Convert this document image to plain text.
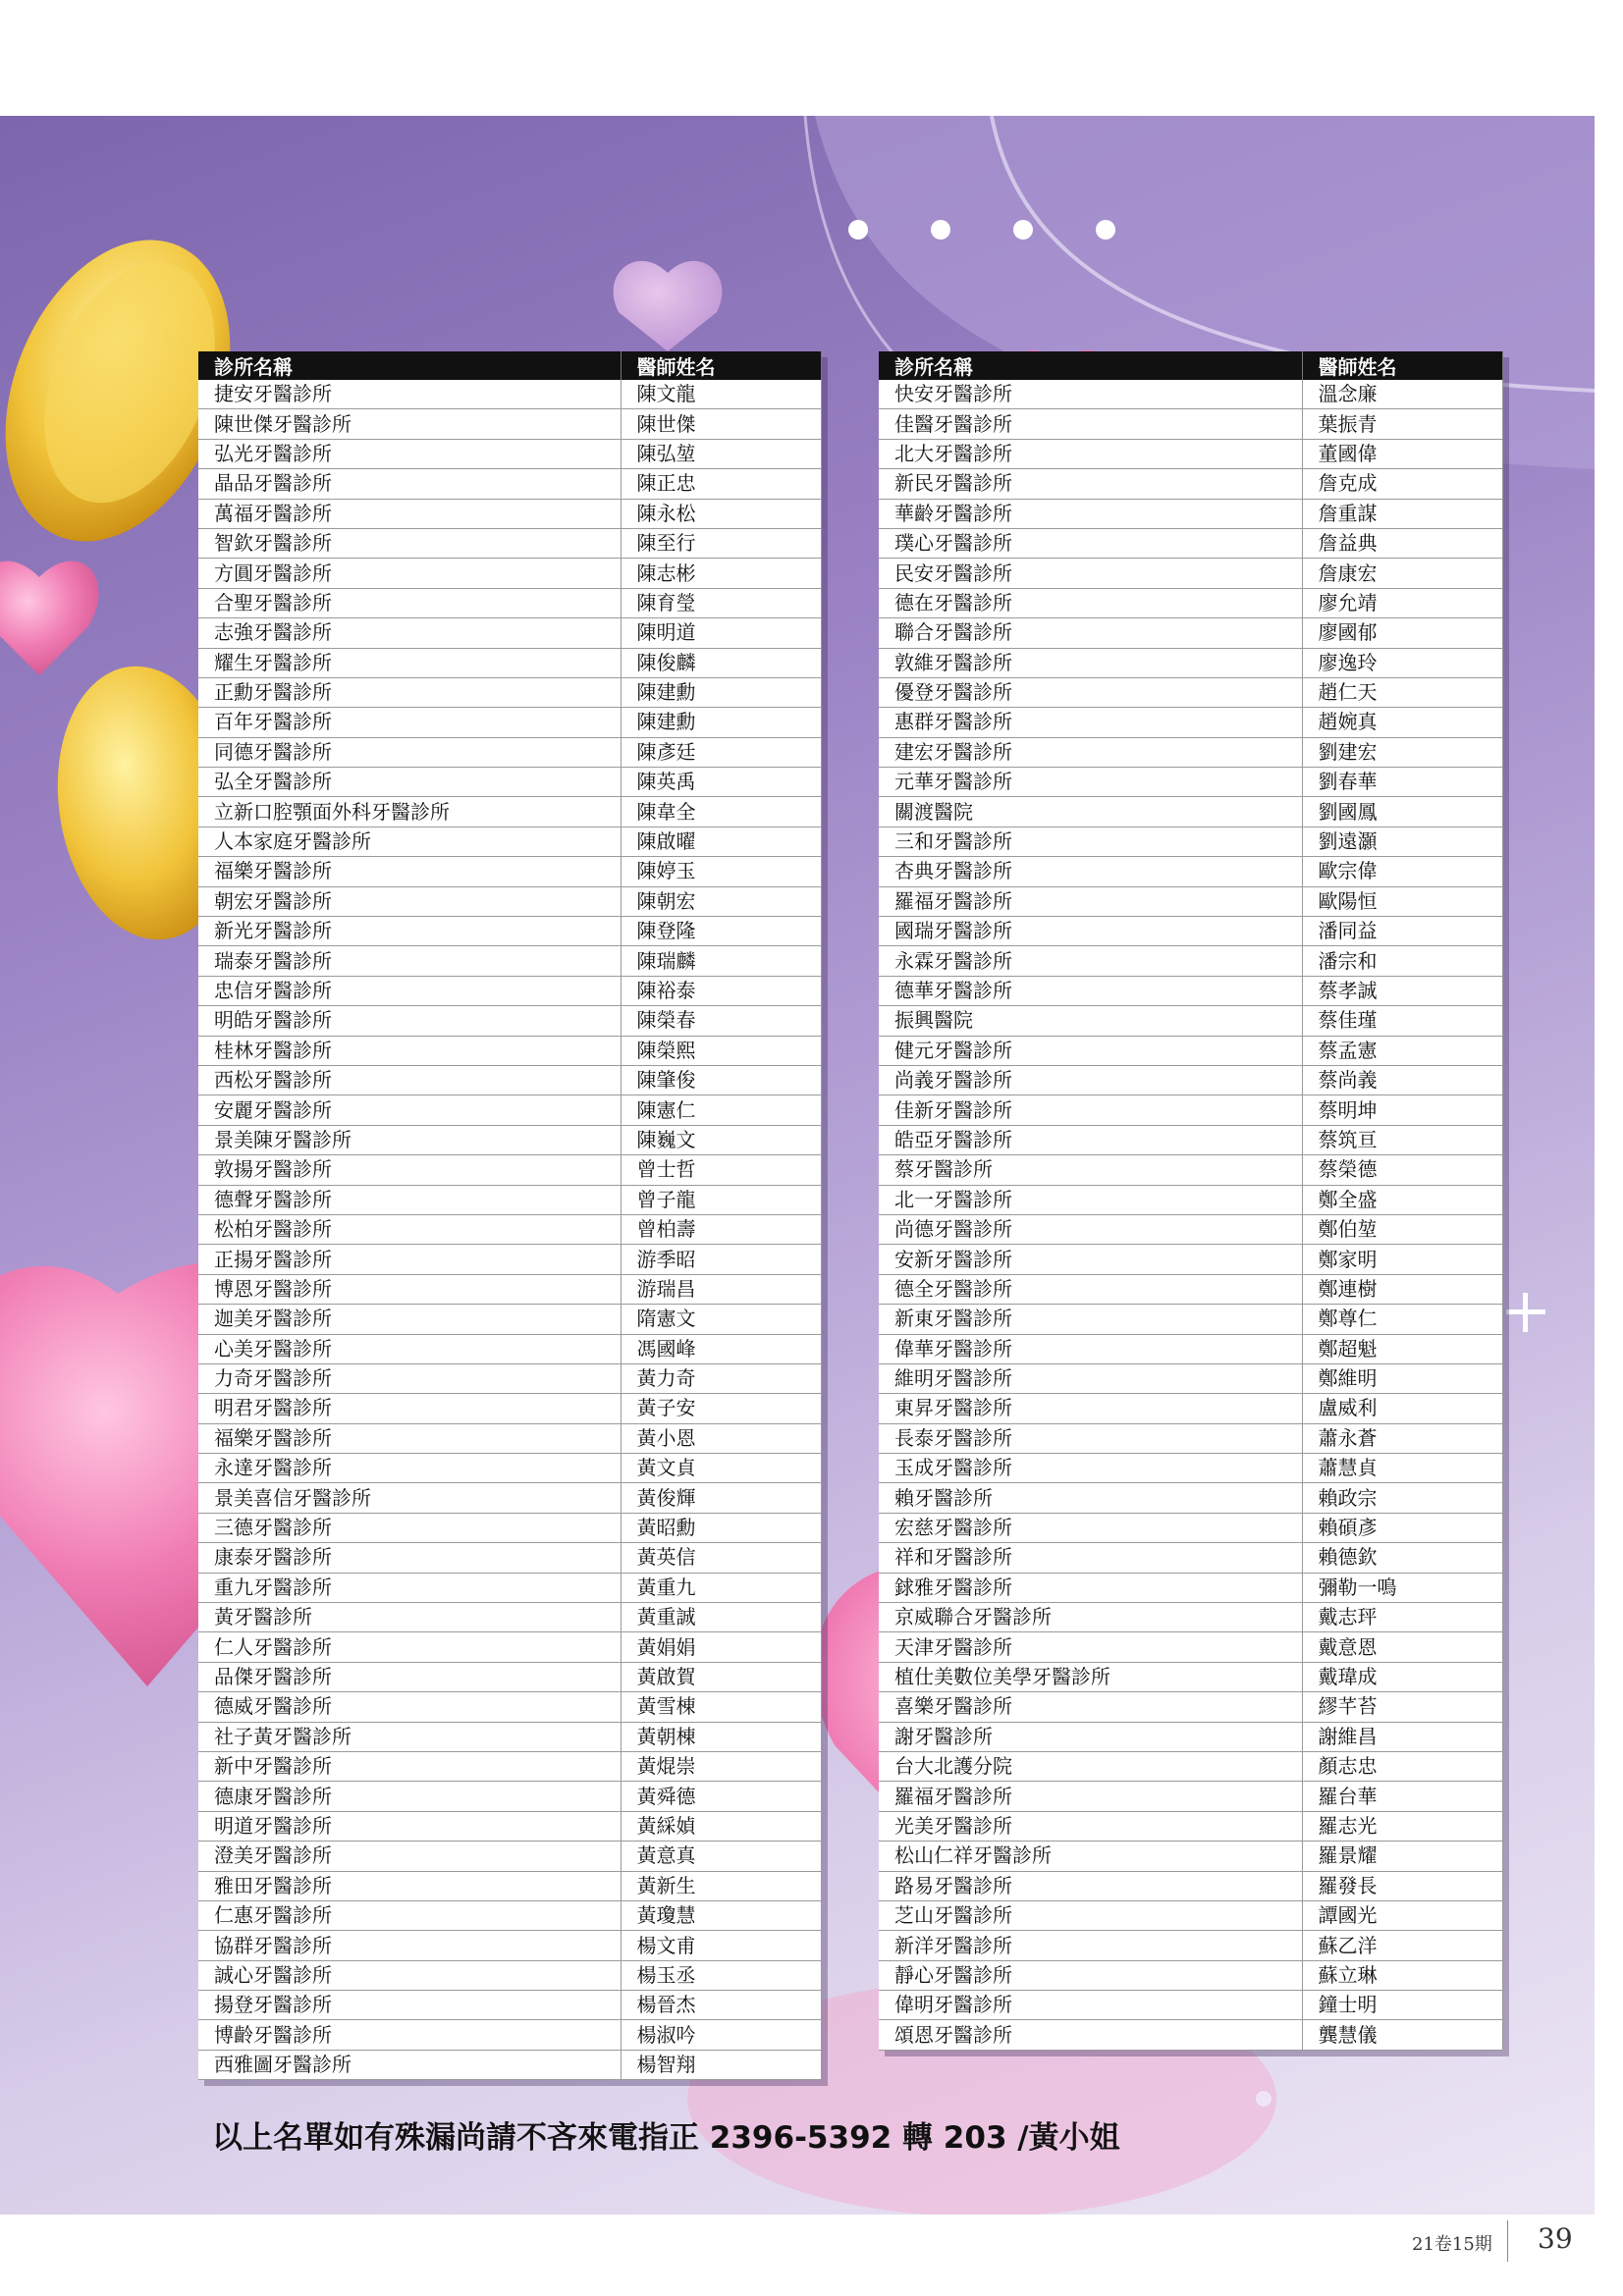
診所名稱	醫師姓名
捷安牙醫診所	陳文龍
陳世傑牙醫診所	陳世傑
弘光牙醫診所	陳弘堃
晶品牙醫診所	陳正忠
萬福牙醫診所	陳永松
智欽牙醫診所	陳至行
方圓牙醫診所	陳志彬
合聖牙醫診所	陳育瑩
志強牙醫診所	陳明道
耀生牙醫診所	陳俊麟
正勳牙醫診所	陳建勳
百年牙醫診所	陳建勳
同德牙醫診所	陳彥廷
弘全牙醫診所	陳英禹
立新口腔顎面外科牙醫診所	陳韋全
人本家庭牙醫診所	陳啟曜
福樂牙醫診所	陳婷玉
朝宏牙醫診所	陳朝宏
新光牙醫診所	陳登隆
瑞泰牙醫診所	陳瑞麟
忠信牙醫診所	陳裕泰
明皓牙醫診所	陳榮春
桂林牙醫診所	陳榮熙
西松牙醫診所	陳肇俊
安麗牙醫診所	陳憲仁
景美陳牙醫診所	陳巍文
敦揚牙醫診所	曾士哲
德聲牙醫診所	曾子龍
松柏牙醫診所	曾柏壽
正揚牙醫診所	游季昭
博恩牙醫診所	游瑞昌
迦美牙醫診所	隋憲文
心美牙醫診所	馮國峰
力奇牙醫診所	黃力奇
明君牙醫診所	黃子安
福樂牙醫診所	黃小恩
永達牙醫診所	黃文貞
景美喜信牙醫診所	黃俊輝
三德牙醫診所	黃昭勳
康泰牙醫診所	黃英信
重九牙醫診所	黃重九
黃牙醫診所	黃重誠
仁人牙醫診所	黃娟娟
品傑牙醫診所	黃啟賀
德威牙醫診所	黃雪棟
社子黃牙醫診所	黃朝棟
新中牙醫診所	黃焜崇
德康牙醫診所	黃舜德
明道牙醫診所	黃綵媜
澄美牙醫診所	黃意真
雅田牙醫診所	黃新生
仁惠牙醫診所	黃瓊慧
協群牙醫診所	楊文甫
誠心牙醫診所	楊玉丞
揚登牙醫診所	楊晉杰
博齡牙醫診所	楊淑吟
西雅圖牙醫診所	楊智翔
診所名稱	醫師姓名
快安牙醫診所	溫念廉
佳醫牙醫診所	葉振青
北大牙醫診所	董國偉
新民牙醫診所	詹克成
華齡牙醫診所	詹重謀
璞心牙醫診所	詹益典
民安牙醫診所	詹康宏
德在牙醫診所	廖允靖
聯合牙醫診所	廖國郁
敦維牙醫診所	廖逸玲
優登牙醫診所	趙仁天
惠群牙醫診所	趙婉真
建宏牙醫診所	劉建宏
元華牙醫診所	劉春華
關渡醫院	劉國鳳
三和牙醫診所	劉遠灝
杏典牙醫診所	歐宗偉
羅福牙醫診所	歐陽恒
國瑞牙醫診所	潘同益
永霖牙醫診所	潘宗和
德華牙醫診所	蔡孝誠
振興醫院	蔡佳瑾
健元牙醫診所	蔡孟憲
尚義牙醫診所	蔡尚義
佳新牙醫診所	蔡明坤
皓亞牙醫診所	蔡筑亘
蔡牙醫診所	蔡榮德
北一牙醫診所	鄭全盛
尚德牙醫診所	鄭伯堃
安新牙醫診所	鄭家明
德全牙醫診所	鄭連樹
新東牙醫診所	鄭尊仁
偉華牙醫診所	鄭超魁
維明牙醫診所	鄭維明
東昇牙醫診所	盧威利
長泰牙醫診所	蕭永蒼
玉成牙醫診所	蕭慧貞
賴牙醫診所	賴政宗
宏慈牙醫診所	賴碩彥
祥和牙醫診所	賴德欽
銶雅牙醫診所	彌勒一鳴
京威聯合牙醫診所	戴志玶
天津牙醫診所	戴意恩
植仕美數位美學牙醫診所	戴瑋成
喜樂牙醫診所	繆芊苔
謝牙醫診所	謝維昌
台大北護分院	顏志忠
羅福牙醫診所	羅台華
光美牙醫診所	羅志光
松山仁祥牙醫診所	羅景耀
路易牙醫診所	羅發長
芝山牙醫診所	譚國光
新洋牙醫診所	蘇乙洋
靜心牙醫診所	蘇立琳
偉明牙醫診所	鐘士明
頌恩牙醫診所	龔慧儀
以上名單如有殊漏尚請不吝來電指正 2396-5392 轉 203 /黃小姐
21卷15期 39
